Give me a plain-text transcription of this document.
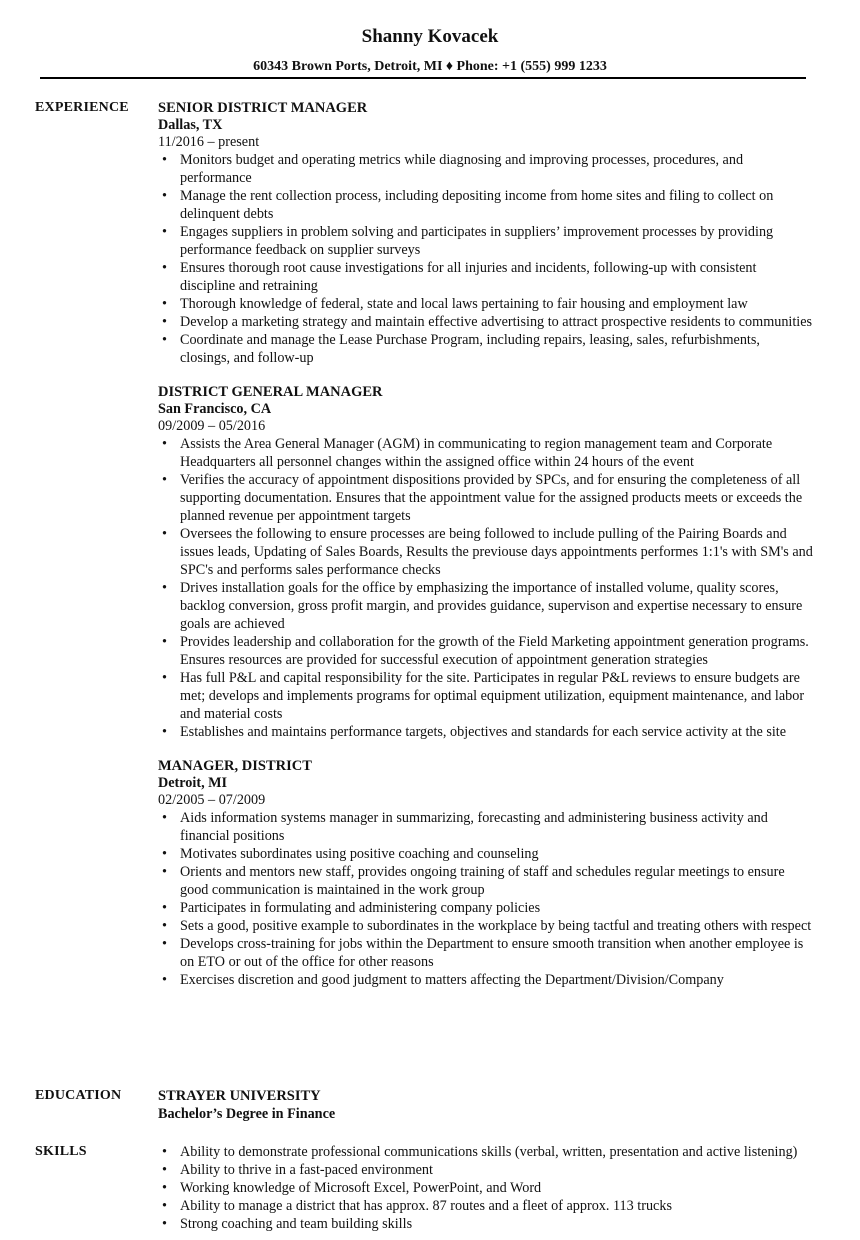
Shanny Kovacek
60343 Brown Ports, Detroit, MI ♦ Phone: +1 (555) 999 1233
EXPERIENCE SENIOR DISTRICT MANAGER
Dallas, TX
11/2016 – present
• Monitors budget and operating metrics while diagnosing and improving processes, procedures, and performance
• Manage the rent collection process, including depositing income from home sites and filing to collect on delinquent debts
• Engages suppliers in problem solving and participates in suppliers’ improvement processes by providing performance feedback on supplier surveys
• Ensures thorough root cause investigations for all injuries and incidents, following-up with consistent discipline and retraining
• Thorough knowledge of federal, state and local laws pertaining to fair housing and employment law
• Develop a marketing strategy and maintain effective advertising to attract prospective residents to communities
• Coordinate and manage the Lease Purchase Program, including repairs, leasing, sales, refurbishments, closings, and follow-up
DISTRICT GENERAL MANAGER
San Francisco, CA
09/2009 – 05/2016
• Assists the Area General Manager (AGM) in communicating to region management team and Corporate Headquarters all personnel changes within the assigned office within 24 hours of the event
• Verifies the accuracy of appointment dispositions provided by SPCs, and for ensuring the completeness of all supporting documentation. Ensures that the appointment value for the assigned products meets or exceeds the planned revenue per appointment targets
• Oversees the following to ensure processes are being followed to include pulling of the Pairing Boards and issues leads, Updating of Sales Boards, Results the previouse days appointments performes 1:1's with SM's and SPC's and performs sales performance checks
• Drives installation goals for the office by emphasizing the importance of installed volume, quality scores, backlog conversion, gross profit margin, and provides guidance, supervison and expertise necessary to ensure goals are achieved
• Provides leadership and collaboration for the growth of the Field Marketing appointment generation programs. Ensures resources are provided for successful execution of appointment generation strategies
• Has full P&L and capital responsibility for the site. Participates in regular P&L reviews to ensure budgets are met; develops and implements programs for optimal equipment utilization, equipment maintenance, and labor and material costs
• Establishes and maintains performance targets, objectives and standards for each service activity at the site
MANAGER, DISTRICT
Detroit, MI
02/2005 – 07/2009
• Aids information systems manager in summarizing, forecasting and administering business activity and financial positions
• Motivates subordinates using positive coaching and counseling
• Orients and mentors new staff, provides ongoing training of staff and schedules regular meetings to ensure good communication is maintained in the work group
• Participates in formulating and administering company policies
• Sets a good, positive example to subordinates in the workplace by being tactful and treating others with respect
• Develops cross-training for jobs within the Department to ensure smooth transition when another employee is on ETO or out of the office for other reasons
• Exercises discretion and good judgment to matters affecting the Department/Division/Company
EDUCATION	STRAYER UNIVERSITY
Bachelor’s Degree in Finance
SKILLS
•	Ability to demonstrate professional communications skills (verbal, written, presentation and active listening)
• Ability to thrive in a fast-paced environment
• Working knowledge of Microsoft Excel, PowerPoint, and Word
• Ability to manage a district that has approx. 87 routes and a fleet of approx. 113 trucks
• Strong coaching and team building skills
